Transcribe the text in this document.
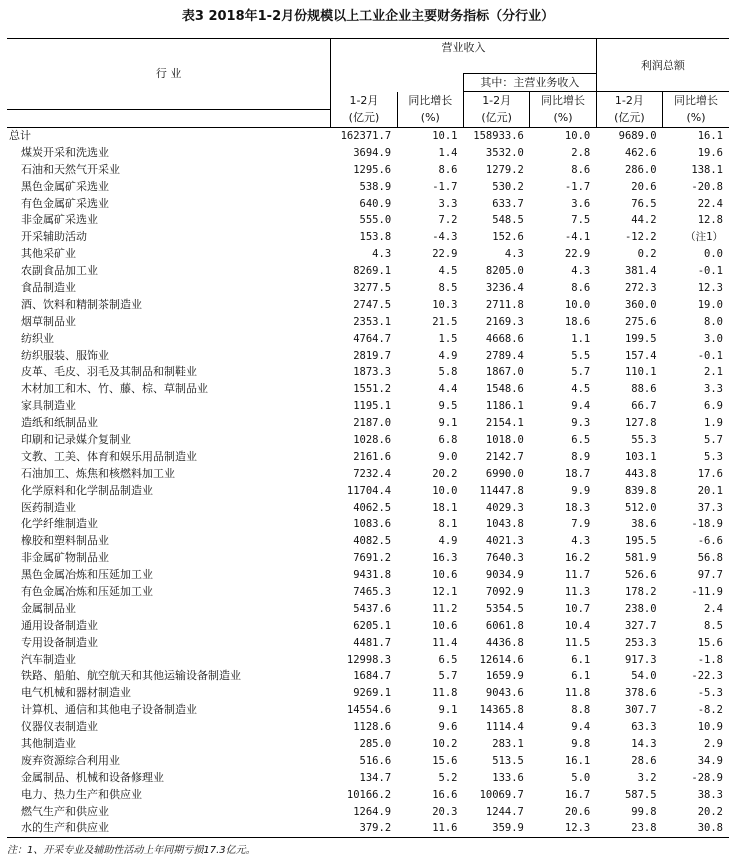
表3 2018年1-2月份规模以上工业企业主要财务指标（分行业）
行 业	营业收入				利润总额	

			其中：主营业务收入			
	1-2月	同比增长	1-2月	同比增长	1-2月	同比增长
	(亿元)	(%)	(亿元)	(%)	(亿元)	(%)
总计	162371.7	10.1	158933.6	10.0	9689.0	16.1
煤炭开采和洗选业	3694.9	1.4	3532.0	2.8	462.6	19.6
石油和天然气开采业	1295.6	8.6	1279.2	8.6	286.0	138.1
黑色金属矿采选业	538.9	-1.7	530.2	-1.7	20.6	-20.8
有色金属矿采选业	640.9	3.3	633.7	3.6	76.5	22.4
非金属矿采选业	555.0	7.2	548.5	7.5	44.2	12.8
开采辅助活动	153.8	-4.3	152.6	-4.1	-12.2	（注1）
其他采矿业	4.3	22.9	4.3	22.9	0.2	0.0
农副食品加工业	8269.1	4.5	8205.0	4.3	381.4	-0.1
食品制造业	3277.5	8.5	3236.4	8.6	272.3	12.3
酒、饮料和精制茶制造业	2747.5	10.3	2711.8	10.0	360.0	19.0
烟草制品业	2353.1	21.5	2169.3	18.6	275.6	8.0
纺织业	4764.7	1.5	4668.6	1.1	199.5	3.0
纺织服装、服饰业	2819.7	4.9	2789.4	5.5	157.4	-0.1
皮革、毛皮、羽毛及其制品和制鞋业	1873.3	5.8	1867.0	5.7	110.1	2.1
木材加工和木、竹、藤、棕、草制品业	1551.2	4.4	1548.6	4.5	88.6	3.3
家具制造业	1195.1	9.5	1186.1	9.4	66.7	6.9
造纸和纸制品业	2187.0	9.1	2154.1	9.3	127.8	1.9
印刷和记录媒介复制业	1028.6	6.8	1018.0	6.5	55.3	5.7
文教、工美、体育和娱乐用品制造业	2161.6	9.0	2142.7	8.9	103.1	5.3
石油加工、炼焦和核燃料加工业	7232.4	20.2	6990.0	18.7	443.8	17.6
化学原料和化学制品制造业	11704.4	10.0	11447.8	9.9	839.8	20.1
医药制造业	4062.5	18.1	4029.3	18.3	512.0	37.3
化学纤维制造业	1083.6	8.1	1043.8	7.9	38.6	-18.9
橡胶和塑料制品业	4082.5	4.9	4021.3	4.3	195.5	-6.6
非金属矿物制品业	7691.2	16.3	7640.3	16.2	581.9	56.8
黑色金属冶炼和压延加工业	9431.8	10.6	9034.9	11.7	526.6	97.7
有色金属冶炼和压延加工业	7465.3	12.1	7092.9	11.3	178.2	-11.9
金属制品业	5437.6	11.2	5354.5	10.7	238.0	2.4
通用设备制造业	6205.1	10.6	6061.8	10.4	327.7	8.5
专用设备制造业	4481.7	11.4	4436.8	11.5	253.3	15.6
汽车制造业	12998.3	6.5	12614.6	6.1	917.3	-1.8
铁路、船舶、航空航天和其他运输设备制造业	1684.7	5.7	1659.9	6.1	54.0	-22.3
电气机械和器材制造业	9269.1	11.8	9043.6	11.8	378.6	-5.3
计算机、通信和其他电子设备制造业	14554.6	9.1	14365.8	8.8	307.7	-8.2
仪器仪表制造业	1128.6	9.6	1114.4	9.4	63.3	10.9
其他制造业	285.0	10.2	283.1	9.8	14.3	2.9
废弃资源综合利用业	516.6	15.6	513.5	16.1	28.6	34.9
金属制品、机械和设备修理业	134.7	5.2	133.6	5.0	3.2	-28.9
电力、热力生产和供应业	10166.2	16.6	10069.7	16.7	587.5	38.3
燃气生产和供应业	1264.9	20.3	1244.7	20.6	99.8	20.2
水的生产和供应业	379.2	11.6	359.9	12.3	23.8	30.8
注：1、开采专业及辅助性活动上年同期亏损17.3亿元。
